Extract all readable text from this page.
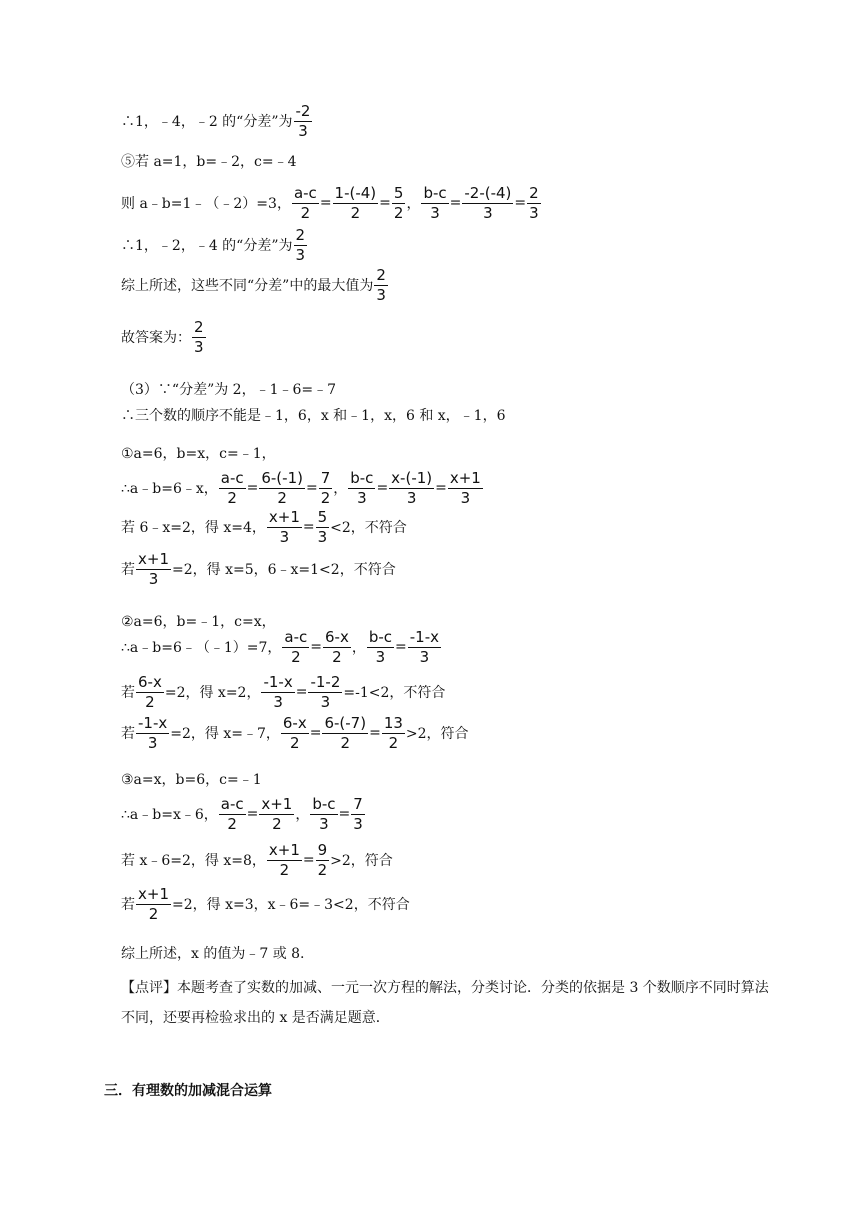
∴1，﹣4，﹣2 的“分差”为 $\frac{-2}{3}$
⑤若 a=1，b=﹣2，c=﹣4
则 a﹣b=1﹣（﹣2）=3， $\frac{a-c}{2} = \frac{1-(-4)}{2} = \frac{5}{2}$ ， $\frac{b-c}{3} = \frac{-2-(-4)}{3} = \frac{2}{3}$
∴1，﹣2，﹣4 的“分差”为 $\frac{2}{3}$
综上所述，这些不同“分差”中的最大值为 $\frac{2}{3}$
故答案为： $\frac{2}{3}$
（3）∵“分差”为 2，﹣1﹣6=﹣7
∴三个数的顺序不能是﹣1，6，x 和﹣1，x，6 和 x，﹣1，6
①a=6，b=x，c=﹣1，
∴a﹣b=6﹣x， $\frac{a-c}{2} = \frac{6-(-1)}{2} = \frac{7}{2}$ ， $\frac{b-c}{3} = \frac{x-(-1)}{3} = \frac{x+1}{3}$
若 6﹣x=2，得 x=4， $\frac{x+1}{3} = \frac{5}{3} <2$，不符合
若 $\frac{x+1}{3} =2$，得 x=5，6﹣x=1<2，不符合
②a=6，b=﹣1，c=x，
∴a﹣b=6﹣（﹣1）=7， $\frac{a-c}{2} = \frac{6-x}{2}$ ， $\frac{b-c}{3} = \frac{-1-x}{3}$
若 $\frac{6-x}{2} =2$，得 x=2， $\frac{-1-x}{3} = \frac{-1-2}{3} =-1<2$，不符合
若 $\frac{-1-x}{3} =2$，得 x=﹣7， $\frac{6-x}{2} = \frac{6-(-7)}{2} = \frac{13}{2} >2$，符合
③a=x，b=6，c=﹣1
∴a﹣b=x﹣6， $\frac{a-c}{2} = \frac{x+1}{2}$ ， $\frac{b-c}{3} = \frac{7}{3}$
若 x﹣6=2，得 x=8， $\frac{x+1}{2} = \frac{9}{2} >2$，符合
若 $\frac{x+1}{2} =2$，得 x=3，x﹣6=﹣3<2，不符合
综上所述，x 的值为﹣7 或 8.
【点评】本题考查了实数的加减、一元一次方程的解法，分类讨论．分类的依据是 3 个数顺序不同时算法不同，还要再检验求出的 x 是否满足题意．
三．有理数的加减混合运算
